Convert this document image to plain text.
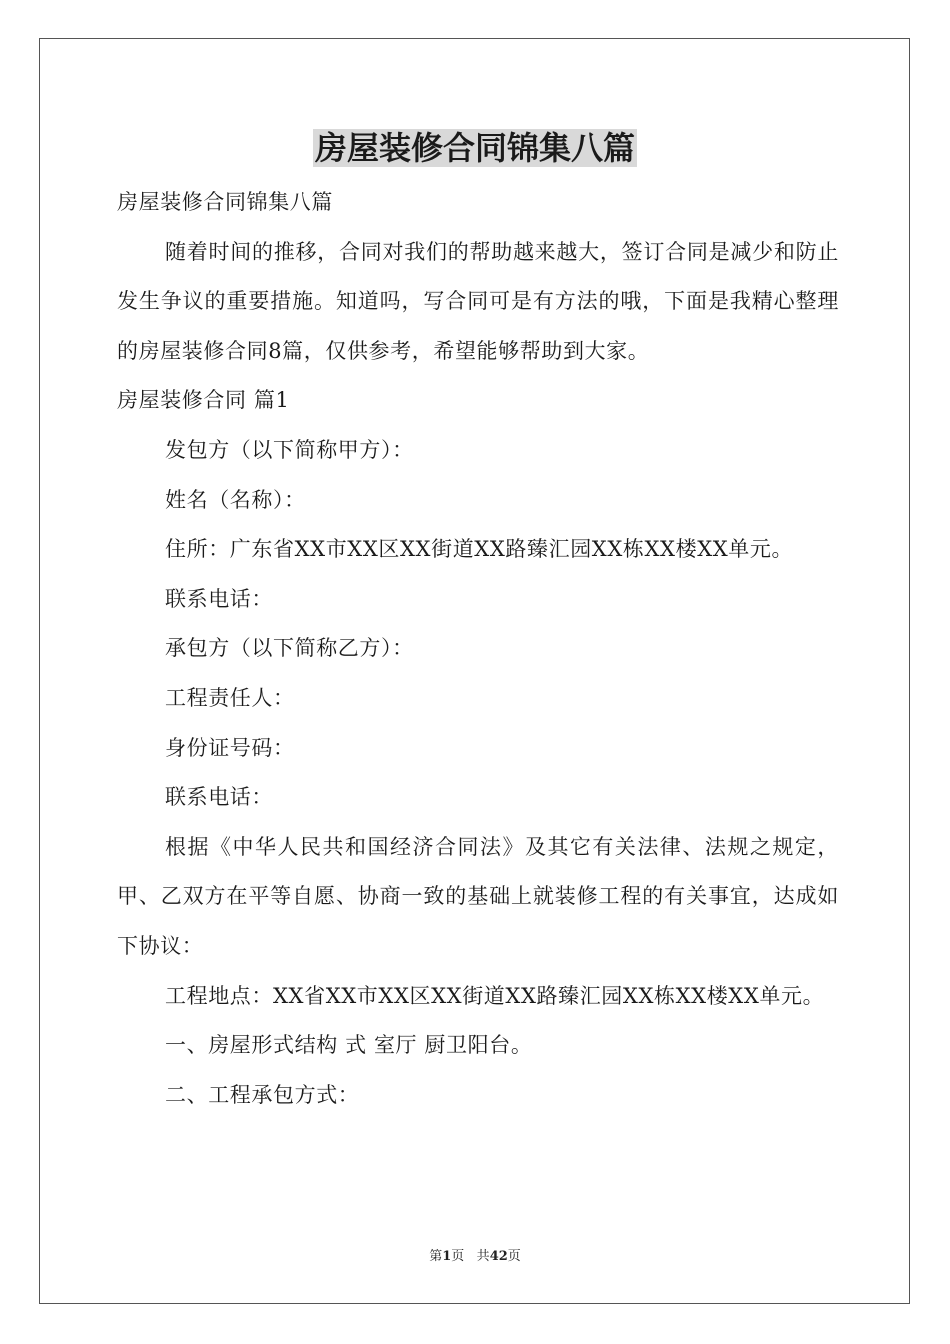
房屋装修合同锦集八篇

房屋装修合同锦集八篇

随着时间的推移，合同对我们的帮助越来越大，签订合同是减少和防止发生争议的重要措施。知道吗，写合同可是有方法的哦，下面是我精心整理的房屋装修合同8篇，仅供参考，希望能够帮助到大家。

房屋装修合同 篇1

发包方（以下简称甲方）：

姓名（名称）：

住所：广东省XX市XX区XX街道XX路臻汇园XX栋XX楼XX单元。

联系电话：

承包方（以下简称乙方）：

工程责任人：

身份证号码：

联系电话：

根据《中华人民共和国经济合同法》及其它有关法律、法规之规定，甲、乙双方在平等自愿、协商一致的基础上就装修工程的有关事宜，达成如下协议：

工程地点：XX省XX市XX区XX街道XX路臻汇园XX栋XX楼XX单元。

一、房屋形式结构 式 室厅 厨卫阳台。

二、工程承包方式：

第1页 共42页
